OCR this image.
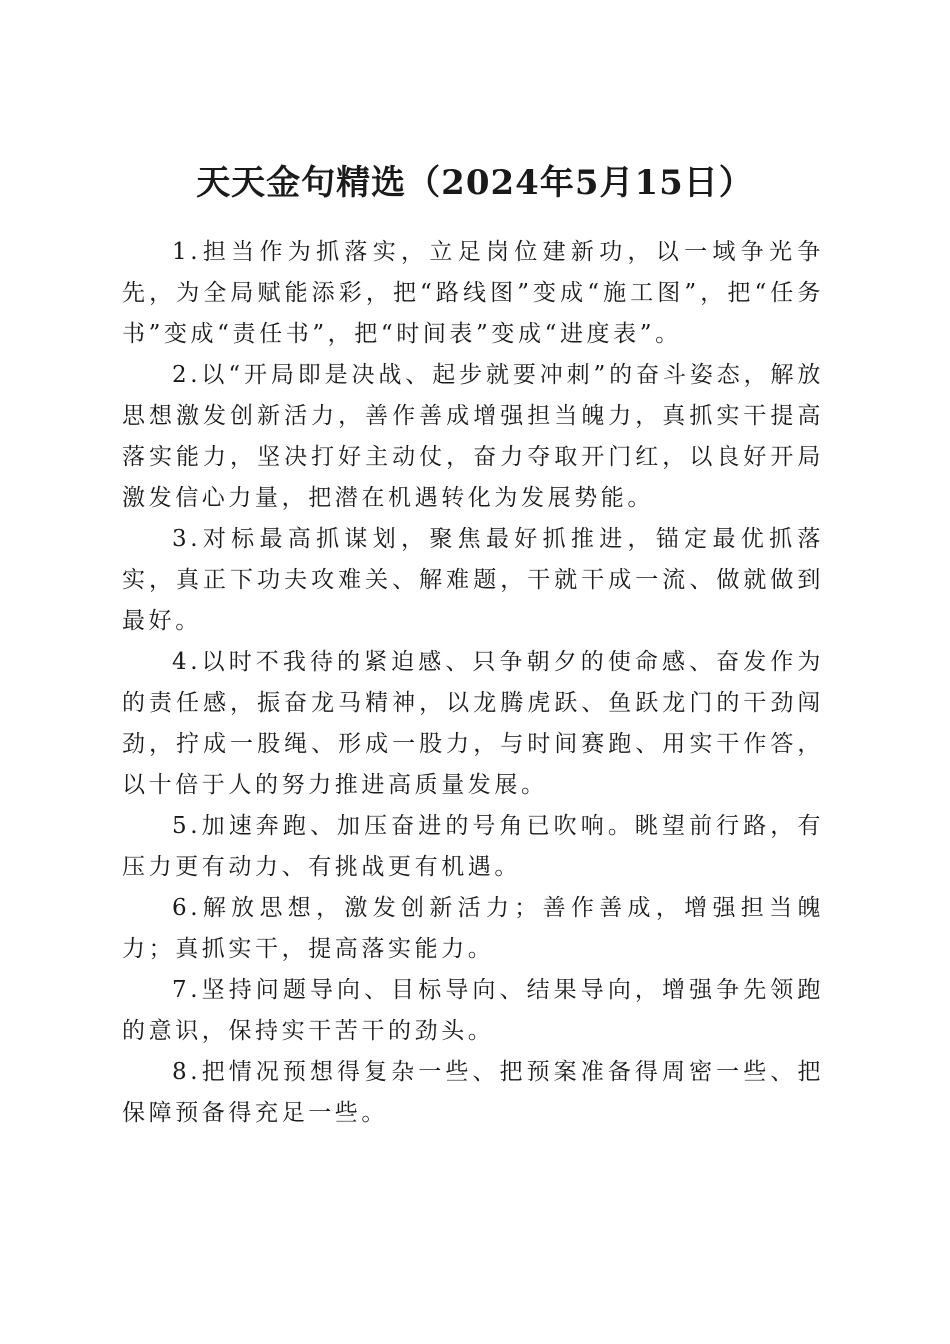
天天金句精选（2024年5月15日）

1.担当作为抓落实，立足岗位建新功，以一域争光争先，为全局赋能添彩，把“路线图”变成“施工图”，把“任务书”变成“责任书”，把“时间表”变成“进度表”。

2.以“开局即是决战、起步就要冲刺”的奋斗姿态，解放思想激发创新活力，善作善成增强担当魄力，真抓实干提高落实能力，坚决打好主动仗，奋力夺取开门红，以良好开局激发信心力量，把潜在机遇转化为发展势能。

3.对标最高抓谋划，聚焦最好抓推进，锚定最优抓落实，真正下功夫攻难关、解难题，干就干成一流、做就做到最好。

4.以时不我待的紧迫感、只争朝夕的使命感、奋发作为的责任感，振奋龙马精神，以龙腾虎跃、鱼跃龙门的干劲闯劲，拧成一股绳、形成一股力，与时间赛跑、用实干作答，以十倍于人的努力推进高质量发展。

5.加速奔跑、加压奋进的号角已吹响。眺望前行路，有压力更有动力、有挑战更有机遇。

6.解放思想，激发创新活力；善作善成，增强担当魄力；真抓实干，提高落实能力。

7.坚持问题导向、目标导向、结果导向，增强争先领跑的意识，保持实干苦干的劲头。

8.把情况预想得复杂一些、把预案准备得周密一些、把保障预备得充足一些。
